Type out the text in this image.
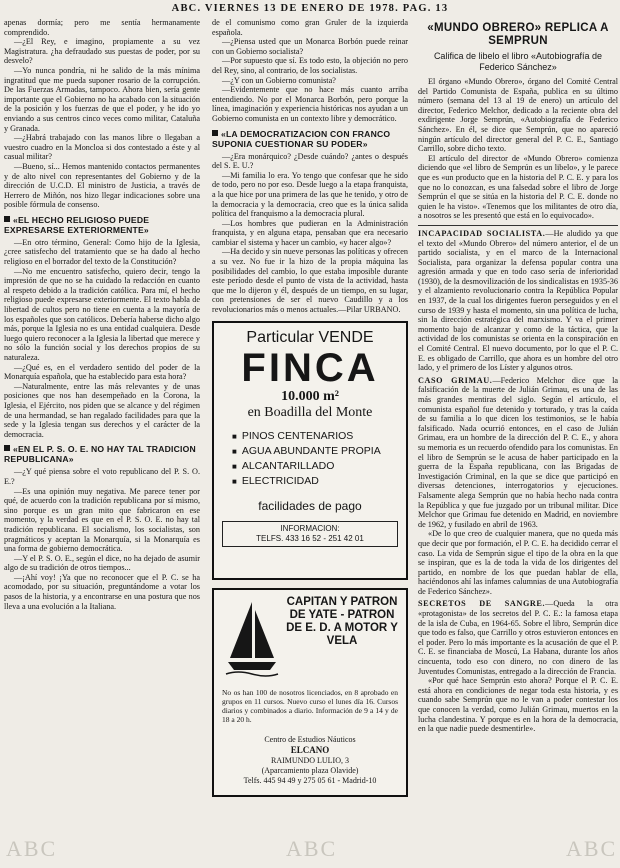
ABC. VIERNES 13 DE ENERO DE 1978. PAG. 13

apenas dormía; pero me sentía hermanamente comprendido.

—¿El Rey, e imagino, propiamente a su vez Magistratura. ¿ha defraudado sus puestas de poder, por su desvelo?

—Yo nunca pondría, ni he salido de la más mínima ingratitud que me pueda suponer rosario de la corrupción. De las Fuerzas Armadas, tampoco. Ahora bien, sería gente importante que el Gobierno no ha acabado con la situación de la posición y los fuerzas de que el poder, y he ido yo enviando a sus centros cinco veces como militar, Cataluña y Granada.

—¿Habrá trabajado con las manos libre o llegaban a vuestro cuadro en la Moncloa si dos contestado a éste y al casual militar?

—Bueno, sí... Hemos mantenido contactos permanentes y de alto nivel con representantes del Gobierno y de la dirección de U.C.D. El ministro de Justicia, a través de Herrero de Miñón, nos hizo llegar indicaciones sobre una posible fórmula de consenso.

«EL HECHO RELIGIOSO PUEDE EXPRESARSE EXTERIORMENTE»

—En otro término, General: Como hijo de la Iglesia, ¿cree satisfecho del tratamiento que se ha dado al hecho religioso en el borrador del texto de la Constitución?

—No me encuentro satisfecho, quiero decir, tengo la impresión de que no se ha cuidado la redacción en cuanto al respeto debido a la tradición católica. Para mí, el hecho religioso puede expresarse exteriormente. El texto habla de libertad de cultos pero no tiene en cuenta a la mayoría de los españoles que son católicos. Debería haberse dicho algo más, porque la Iglesia no es una entidad cualquiera. Desde luego quiero reconocer a la Iglesia la libertad que merece y no sólo la función social y los derechos propios de su naturaleza.

—¿Qué es, en el verdadero sentido del poder de la Monarquía española, que ha establecido para esta hora?

—Naturalmente, entre las más relevantes y de unas posiciones que nos han desempeñado en la Corona, la Iglesia, el Ejército, nos piden que se alcance y del régimen de una hermandad, se han regalado facilidades para que la sede y la Iglesia tengan sus derechos y el carácter de la democracia.

«EN EL P. S. O. E. NO HAY TAL TRADICION REPUBLICANA»

—¿Y qué piensa sobre el voto republicano del P. S. O. E.?

—Es una opinión muy negativa. Me parece tener por qué, de acuerdo con la tradición republicana por sí mismo, sino porque es un gran mito que fabricaron en ese momento, y la verdad es que en el P. S. O. E. no hay tal tradición republicana. El socialismo, los socialistas, son pragmáticos y aceptan la Monarquía, si la Monarquía es una forma de gobierno democrática.

—Y el P. S. O. E., según el dice, no ha dejado de asumir algo de su tradición de otros tiempos...

—¡Ahí voy! ¡Ya que no reconocer que el P. C. se ha acomodado, por su situación, preguntándome a votar los pasos de la historia, y a encontrarse en una postura que nos lleva a una evolución a la Italiana.

de el comunismo como gran Gruler de la izquierda española.

—¿Piensa usted que un Monarca Borbón puede reinar con un Gobierno socialista?

—Por supuesto que sí. Es todo esto, la objeción no pero del Rey, sino, al contrario, de los socialistas.

—¿Y con un Gobierno comunista?

—Evidentemente que no hace más cuanto arriba entendiendo. No por el Monarca Borbón, pero porque la línea, imaginación y experiencia históricas nos ayudan a un Gobierno comunista en un contexto libre y democrático.

«LA DEMOCRATIZACION CON FRANCO SUPONIA CUESTIONAR SU PODER»

—¿Era monárquico? ¿Desde cuándo? ¿antes o después del S. E. U.?

—Mi familia lo era. Yo tengo que confesar que he sido de todo, pero no por eso. Desde luego a la etapa franquista, a la que hice por una primera de las que he tenido, y otro de la democracia y la democracia, creo que es la única salida política del franquismo a la democracia plural.

—Los hombres que pudieran en la Administración franquista, y en alguna etapa, pensaban que era necesario cambiar el sistema y hacer un cambio, «y hacer algo»?

—Ha decido y sin nueve personas las políticas y ofrecen a su vez. No fue ir la hizo de la propia máquina las posibilidades del cambio, lo que estaba imposible durante este período desde el punto de vista de la actividad, hasta que me lo dijeron y él, después de un tiempo, en su lugar, con pretensiones de ser el nuevo Caudillo y a los revolucionarios más o menos actuales.—Pilar URBANO.

Particular VENDE
FINCA
10.000 m²
en Boadilla del Monte
■ PINOS CENTENARIOS
■ AGUA ABUNDANTE PROPIA
■ ALCANTARILLADO
■ ELECTRICIDAD
facilidades de pago
INFORMACION:
TELFS. 433 16 52 - 251 42 01
CAPITAN Y PATRON DE YATE - PATRON DE E. D. A MOTOR Y VELA
No os han 100 de nosotros licenciados, en 8 aprobado en grupos en 11 cursos. Nuevo curso el lunes día 16. Cursos diarios y combinados a diario. Información de 9 a 14 y de 18 a 20 h.
Centro de Estudios Náuticos
ELCANO
RAIMUNDO LULIO, 3
(Aparcamiento plaza Olavide)
Telfs. 445 94 49 y 275 05 61 - Madrid-10
«MUNDO OBRERO» REPLICA A SEMPRUN
Califica de libelo el libro «Autobiografía de Federico Sánchez»

El órgano «Mundo Obrero», órgano del Comité Central del Partido Comunista de España, publica en su último número (semana del 13 al 19 de enero) un artículo del director, Federico Melchor, dedicado a la reciente obra del exdirigente Jorge Semprún, «Autobiografía de Federico Sánchez». En él, se dice que Semprún, que no apareció ningún artículo del director general del P. C. E., Santiago Carrillo, sobre dicho texto.

El artículo del director de «Mundo Obrero» comienza diciendo que «el libro de Semprún es un libelo», y le parece que es «un producto que en la historia del P. C. E. y para los que no lo conozcan, es una falsedad sobre el libro de Jorge Semprún el que se sitúa en la historia del P. C. E. donde no quien le ha visto». «Tenemos que los militantes de otro día, a nosotros se les presentó que está en lo equivocado».

INCAPACIDAD SOCIALISTA.—He aludido ya que el texto del «Mundo Obrero» del número anterior, el de un partido socialista, y en el marco de la Internacional Socialista, para organizar la defensa popular contra una agresión armada y que en todo caso sería de inferioridad (1930), de la desmovilización de los sindicalistas en 1935-36 y el alzamiento revolucionario contra la República Popular en 1937, de la cual los dirigentes fueron perseguidos y en el curso de 1939 y hasta el momento, sin una política de lucha, sin la dirección estratégica del marxismo. Y va el primer momento bajo de alcanzar y como de la táctica, que la actividad de los comunistas se orienta en la conspiración en el Comité Central. El nuevo documento, por lo que el P. C. E. es obligado de Carrillo, que ahora es un hombre del otro lado, y el primero de los Líster y algunos otros.

CASO GRIMAU.—Federico Melchor dice que la falsificación de la muerte de Julián Grimau, es una de las más grandes mentiras del siglo. Según el artículo, el comunista español fue detenido y torturado, y tras la caída de su familia a lo que dicen los testimonios, se le había falsificado. Nada ocurrió entonces, en el caso de Julián Grimau, era un hombre de la dirección del P. C. E., y ahora su memoria es un recuerdo ofendido para los comunistas. En el libro de Semprún se le acusa de haber participado en la guerra de la España republicana, con las Brigadas de Investigación Criminal, en la que se dice que participó en diversas detenciones, interrogatorios y ejecuciones. Falsamente alega Semprún que no había hecho nada contra la República y que fue juzgado por un tribunal militar. Dice Melchor que Grimau fue detenido en Madrid, en noviembre de 1962, y fusilado en abril de 1963.

«De lo que creo de cualquier manera, que no queda más que decir que por formación, el P. C. E. ha decidido cerrar el caso. La vida de Semprún sigue el tipo de la obra en la que se inspiran, que es la de toda la vida de los dirigentes del partido, en nombre de los que puedan hablar de ella, haciéndonos ahí las infames calumnias de una Autobiografía de Federico Sánchez».

SECRETOS DE SANGRE.—Queda la otra «protagonista» de los secretos del P. C. E.: la famosa etapa de la isla de Cuba, en 1964-65. Sobre el libro, Semprún dice que todo es falso, que Carrillo y otros estuvieron entonces en el poder. Pero lo más importante es la acusación de que el P. C. E. se financiaba de Moscú, La Habana, durante los años cincuenta, todo eso con dinero, no con dinero de las Juventudes Comunistas, entregado a la dirección de Francia.

«Por qué hace Semprún esto ahora? Porque el P. C. E. está ahora en condiciones de negar toda esta historia, y es cuando sabe Semprún que no le van a poder contestar los que conocen la verdad, como Julián Grimau, muertos en la lucha clandestina. Y porque es en la hora de la democracia, en la que nadie puede desmentirle».

ABC	ABC	ABC
